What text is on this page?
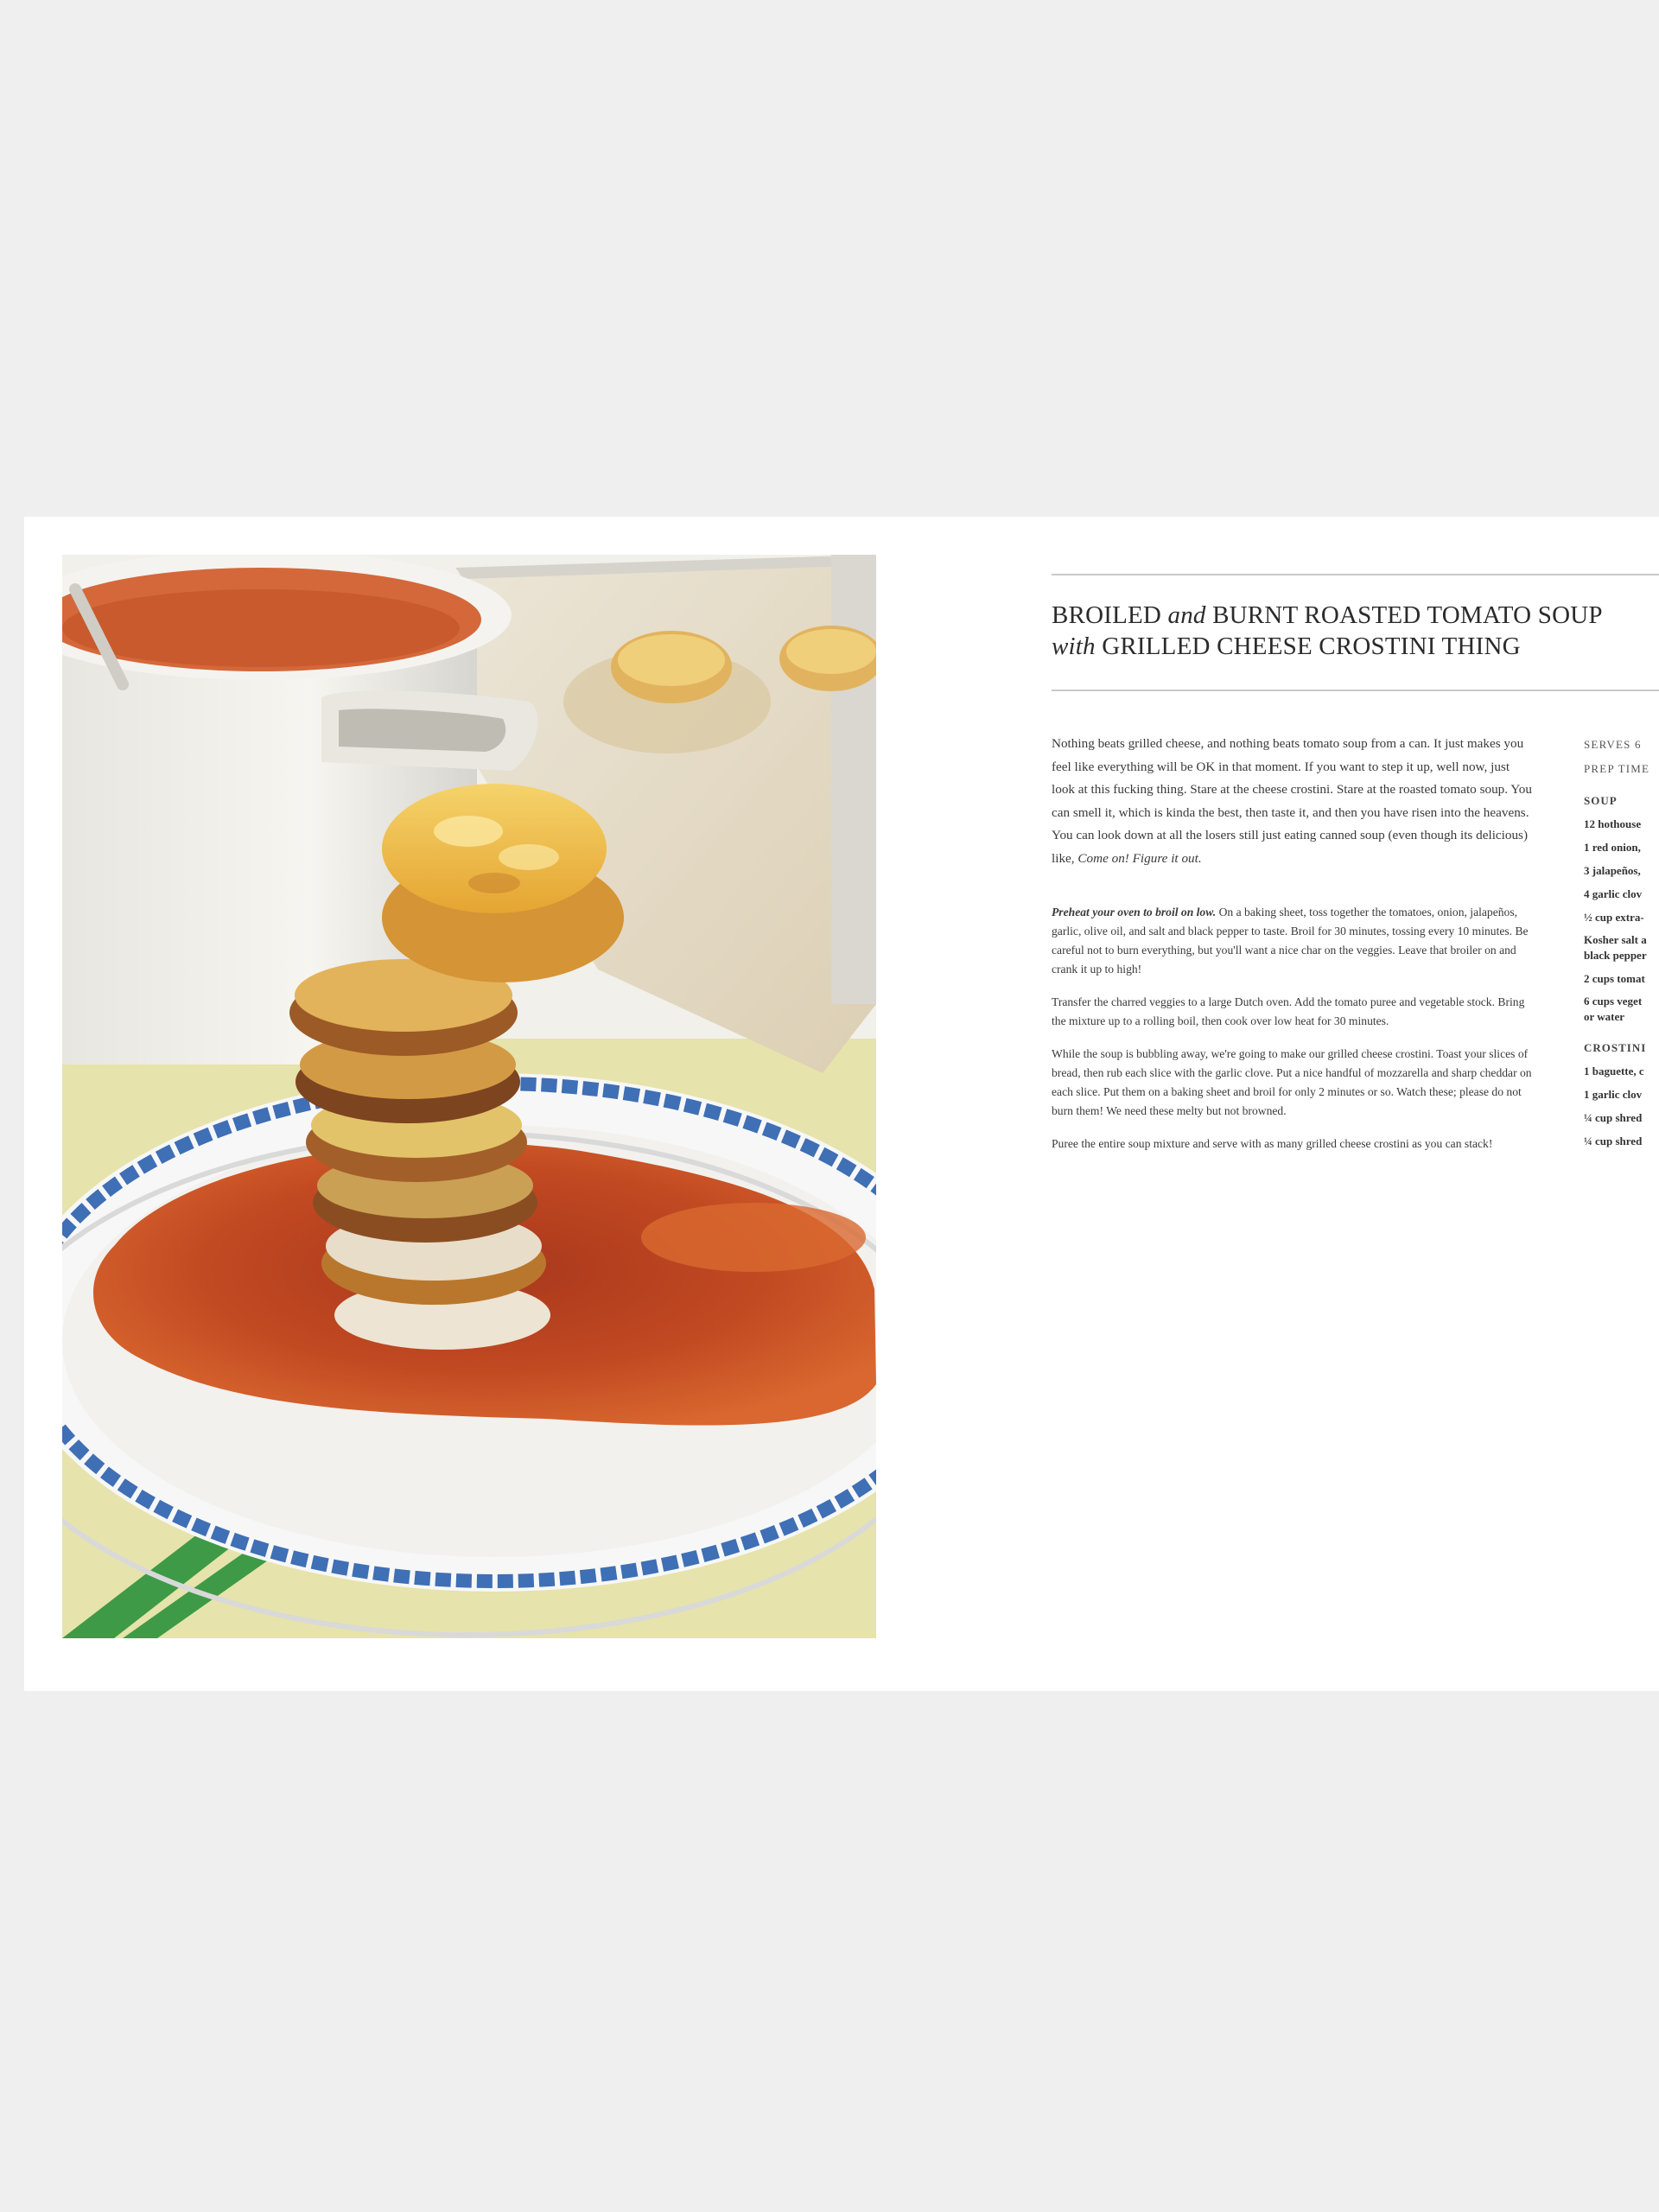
BROILED and BURNT ROASTED TOMATO SOUP
with GRILLED CHEESE CROSTINI THING

Nothing beats grilled cheese, and nothing beats tomato soup from a can. It just makes you feel like everything will be OK in that moment. If you want to step it up, well now, just look at this fucking thing. Stare at the cheese crostini. Stare at the roasted tomato soup. You can smell it, which is kinda the best, then taste it, and then you have risen into the heavens. You can look down at all the losers still just eating canned soup (even though its delicious) like, Come on! Figure it out.

Preheat your oven to broil on low. On a baking sheet, toss together the tomatoes, onion, jalapeños, garlic, olive oil, and salt and black pepper to taste. Broil for 30 minutes, tossing every 10 minutes. Be careful not to burn everything, but you'll want a nice char on the veggies. Leave that broiler on and crank it up to high!

Transfer the charred veggies to a large Dutch oven. Add the tomato puree and vegetable stock. Bring the mixture up to a rolling boil, then cook over low heat for 30 minutes.

While the soup is bubbling away, we're going to make our grilled cheese crostini. Toast your slices of bread, then rub each slice with the garlic clove. Put a nice handful of mozzarella and sharp cheddar on each slice. Put them on a baking sheet and broil for only 2 minutes or so. Watch these; please do not burn them! We need these melty but not browned.

Puree the entire soup mixture and serve with as many grilled cheese crostini as you can stack!

SERVES 6
PREP TIME
SOUP
12 hothouse
1 red onion,
3 jalapeños,
4 garlic clov
½ cup extra-
Kosher salt a
black pepper
2 cups tomat
6 cups veget
or water
CROSTINI
1 baguette, c
1 garlic clov
¼ cup shred
¼ cup shred
